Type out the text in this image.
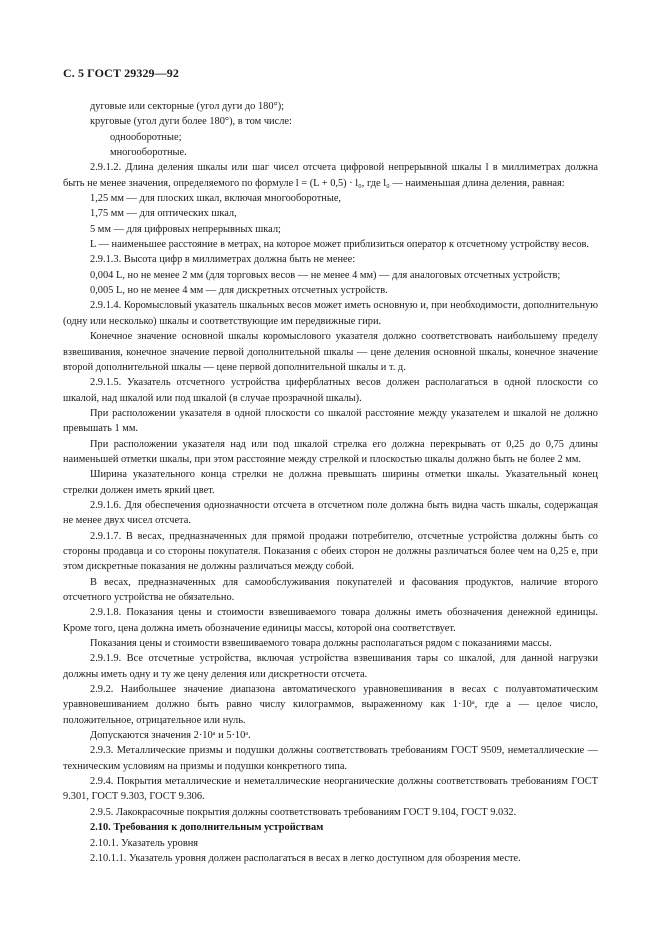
С. 5 ГОСТ 29329—92

дуговые или секторные (угол дуги до 180°);

круговые (угол дуги более 180°), в том числе:

однооборотные;

многооборотные.

2.9.1.2. Длина деления шкалы или шаг чисел отсчета цифровой непрерывной шкалы l в миллиметрах должна быть не менее значения, определяемого по формуле l = (L + 0,5) · l₀, где l₀ — наименьшая длина деления, равная:

1,25 мм — для плоских шкал, включая многооборотные,

1,75 мм — для оптических шкал,

5 мм — для цифровых непрерывных шкал;

L — наименьшее расстояние в метрах, на которое может приблизиться оператор к отсчетному устройству весов.

2.9.1.3. Высота цифр в миллиметрах должна быть не менее:

0,004 L, но не менее 2 мм (для торговых весов — не менее 4 мм) — для аналоговых отсчетных устройств;

0,005 L, но не менее 4 мм — для дискретных отсчетных устройств.

2.9.1.4. Коромысловый указатель шкальных весов может иметь основную и, при необходимости, дополнительную (одну или несколько) шкалы и соответствующие им передвижные гири.

Конечное значение основной шкалы коромыслового указателя должно соответствовать наибольшему пределу взвешивания, конечное значение первой дополнительной шкалы — цене деления основной шкалы, конечное значение второй дополнительной шкалы — цене первой дополнительной шкалы и т. д.

2.9.1.5. Указатель отсчетного устройства циферблатных весов должен располагаться в одной плоскости со шкалой, над шкалой или под шкалой (в случае прозрачной шкалы).

При расположении указателя в одной плоскости со шкалой расстояние между указателем и шкалой не должно превышать 1 мм.

При расположении указателя над или под шкалой стрелка его должна перекрывать от 0,25 до 0,75 длины наименьшей отметки шкалы, при этом расстояние между стрелкой и плоскостью шкалы должно быть не более 2 мм.

Ширина указательного конца стрелки не должна превышать ширины отметки шкалы. Указательный конец стрелки должен иметь яркий цвет.

2.9.1.6. Для обеспечения однозначности отсчета в отсчетном поле должна быть видна часть шкалы, содержащая не менее двух чисел отсчета.

2.9.1.7. В весах, предназначенных для прямой продажи потребителю, отсчетные устройства должны быть со стороны продавца и со стороны покупателя. Показания с обеих сторон не должны различаться более чем на 0,25 e, при этом дискретные показания не должны различаться между собой.

В весах, предназначенных для самообслуживания покупателей и фасования продуктов, наличие второго отсчетного устройства не обязательно.

2.9.1.8. Показания цены и стоимости взвешиваемого товара должны иметь обозначения денежной единицы. Кроме того, цена должна иметь обозначение единицы массы, которой она соответствует.

Показания цены и стоимости взвешиваемого товара должны располагаться рядом с показаниями массы.

2.9.1.9. Все отсчетные устройства, включая устройства взвешивания тары со шкалой, для данной нагрузки должны иметь одну и ту же цену деления или дискретности отсчета.

2.9.2. Наибольшее значение диапазона автоматического уравновешивания в весах с полуавтоматическим уравновешиванием должно быть равно числу килограммов, выраженному как 1·10ᵃ, где a — целое число, положительное, отрицательное или нуль.

Допускаются значения 2·10ᵃ и 5·10ᵃ.

2.9.3. Металлические призмы и подушки должны соответствовать требованиям ГОСТ 9509, неметаллические — техническим условиям на призмы и подушки конкретного типа.

2.9.4. Покрытия металлические и неметаллические неорганические должны соответствовать требованиям ГОСТ 9.301, ГОСТ 9.303, ГОСТ 9.306.

2.9.5. Лакокрасочные покрытия должны соответствовать требованиям ГОСТ 9.104, ГОСТ 9.032.

2.10. Требования к дополнительным устройствам

2.10.1. Указатель уровня

2.10.1.1. Указатель уровня должен располагаться в весах в легко доступном для обозрения месте.
